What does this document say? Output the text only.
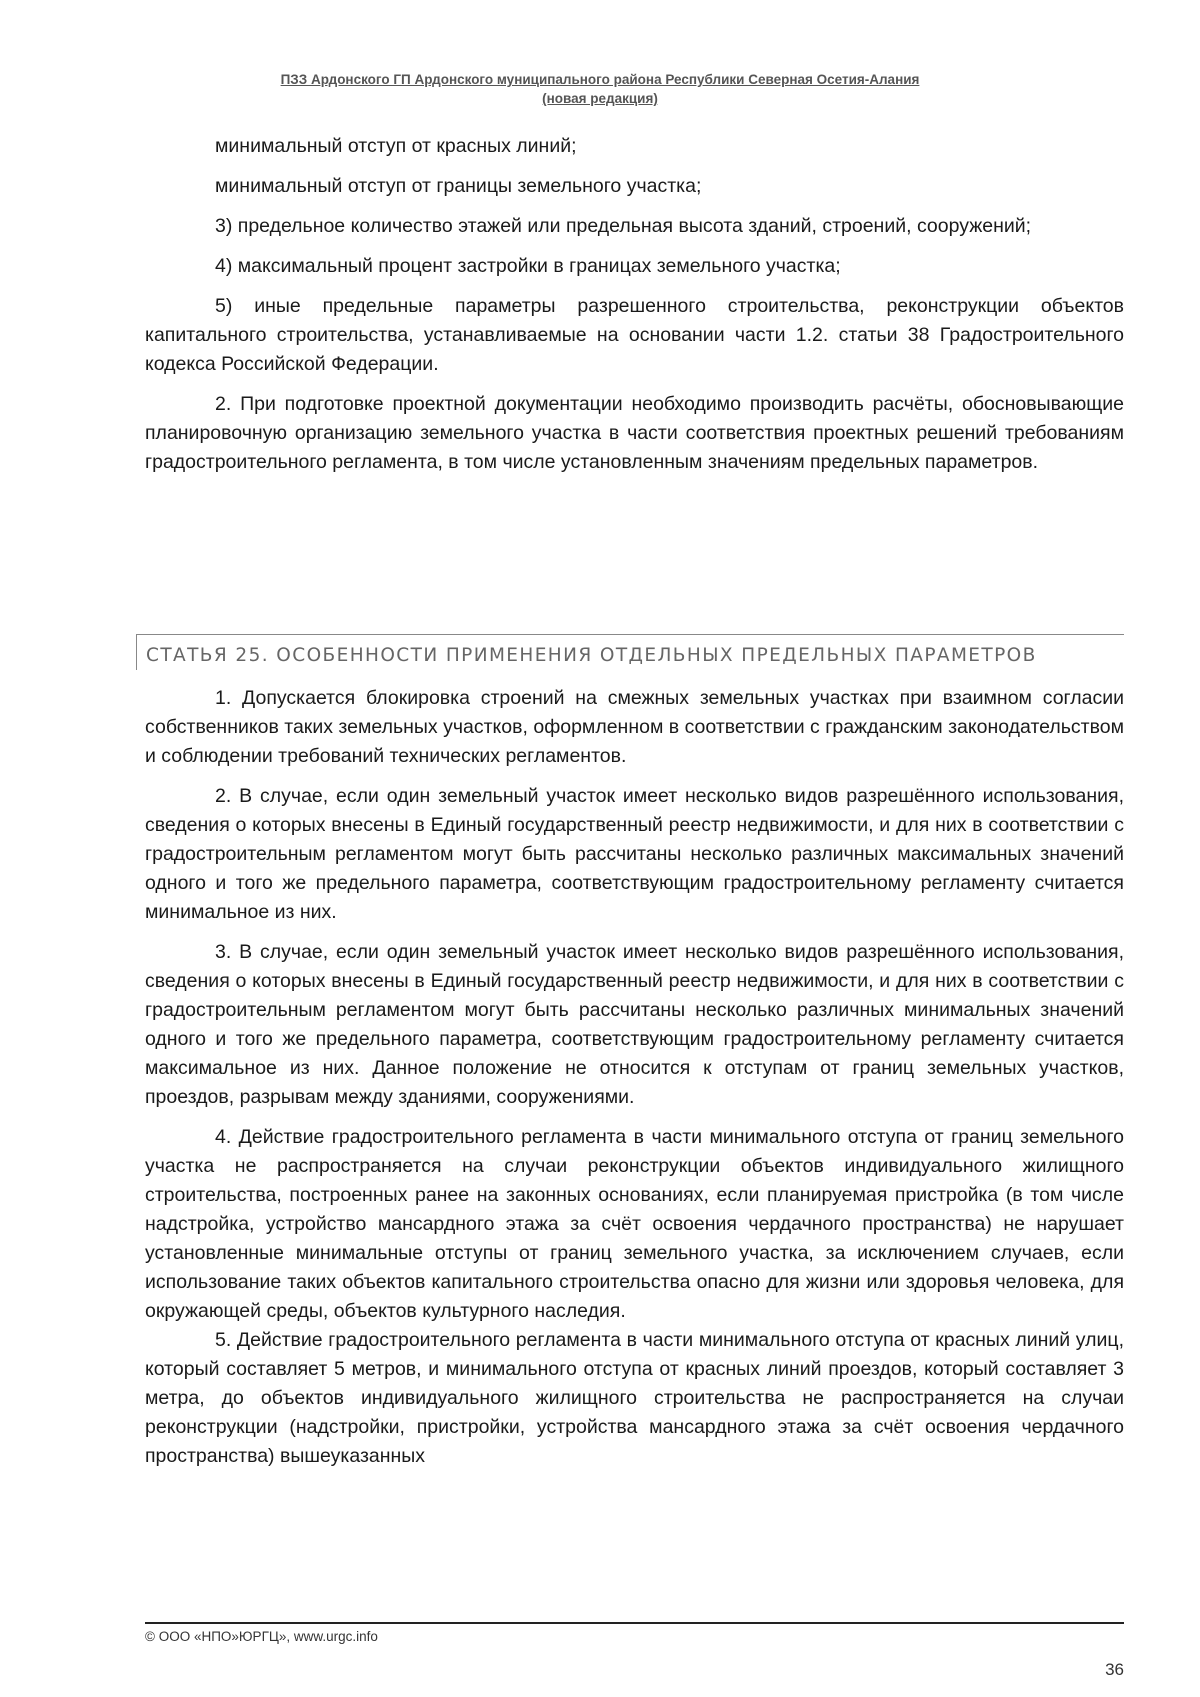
ПЗЗ Ардонского ГП Ардонского муниципального района Республики Северная Осетия-Алания
(новая редакция)

минимальный отступ от красных линий;

минимальный отступ от границы земельного участка;

3) предельное количество этажей или предельная высота зданий, строений, сооружений;

4) максимальный процент застройки в границах земельного участка;

5) иные предельные параметры разрешенного строительства, реконструкции объектов капитального строительства, устанавливаемые на основании части 1.2. статьи 38 Градостроительного кодекса Российской Федерации.

2. При подготовке проектной документации необходимо производить расчёты, обосновывающие планировочную организацию земельного участка в части соответствия проектных решений требованиям градостроительного регламента, в том числе установленным значениям предельных параметров.

СТАТЬЯ 25. ОСОБЕННОСТИ ПРИМЕНЕНИЯ ОТДЕЛЬНЫХ ПРЕДЕЛЬНЫХ ПАРАМЕТРОВ

1. Допускается блокировка строений на смежных земельных участках при взаимном согласии собственников таких земельных участков, оформленном в соответствии с гражданским законодательством и соблюдении требований технических регламентов.

2. В случае, если один земельный участок имеет несколько видов разрешённого использования, сведения о которых внесены в Единый государственный реестр недвижимости, и для них в соответствии с градостроительным регламентом могут быть рассчитаны несколько различных максимальных значений одного и того же предельного параметра, соответствующим градостроительному регламенту считается минимальное из них.

3. В случае, если один земельный участок имеет несколько видов разрешённого использования, сведения о которых внесены в Единый государственный реестр недвижимости, и для них в соответствии с градостроительным регламентом могут быть рассчитаны несколько различных минимальных значений одного и того же предельного параметра, соответствующим градостроительному регламенту считается максимальное из них. Данное положение не относится к отступам от границ земельных участков, проездов, разрывам между зданиями, сооружениями.

4. Действие градостроительного регламента в части минимального отступа от границ земельного участка не распространяется на случаи реконструкции объектов индивидуального жилищного строительства, построенных ранее на законных основаниях, если планируемая пристройка (в том числе надстройка, устройство мансардного этажа за счёт освоения чердачного пространства) не нарушает установленные минимальные отступы от границ земельного участка, за исключением случаев, если использование таких объектов капитального строительства опасно для жизни или здоровья человека, для окружающей среды, объектов культурного наследия.

5. Действие градостроительного регламента в части минимального отступа от красных линий улиц, который составляет 5 метров, и минимального отступа от красных линий проездов, который составляет 3 метра, до объектов индивидуального жилищного строительства не распространяется на случаи реконструкции (надстройки, пристройки, устройства мансардного этажа за счёт освоения чердачного пространства) вышеуказанных

© ООО «НПО»ЮРГЦ», www.urgc.info
36
